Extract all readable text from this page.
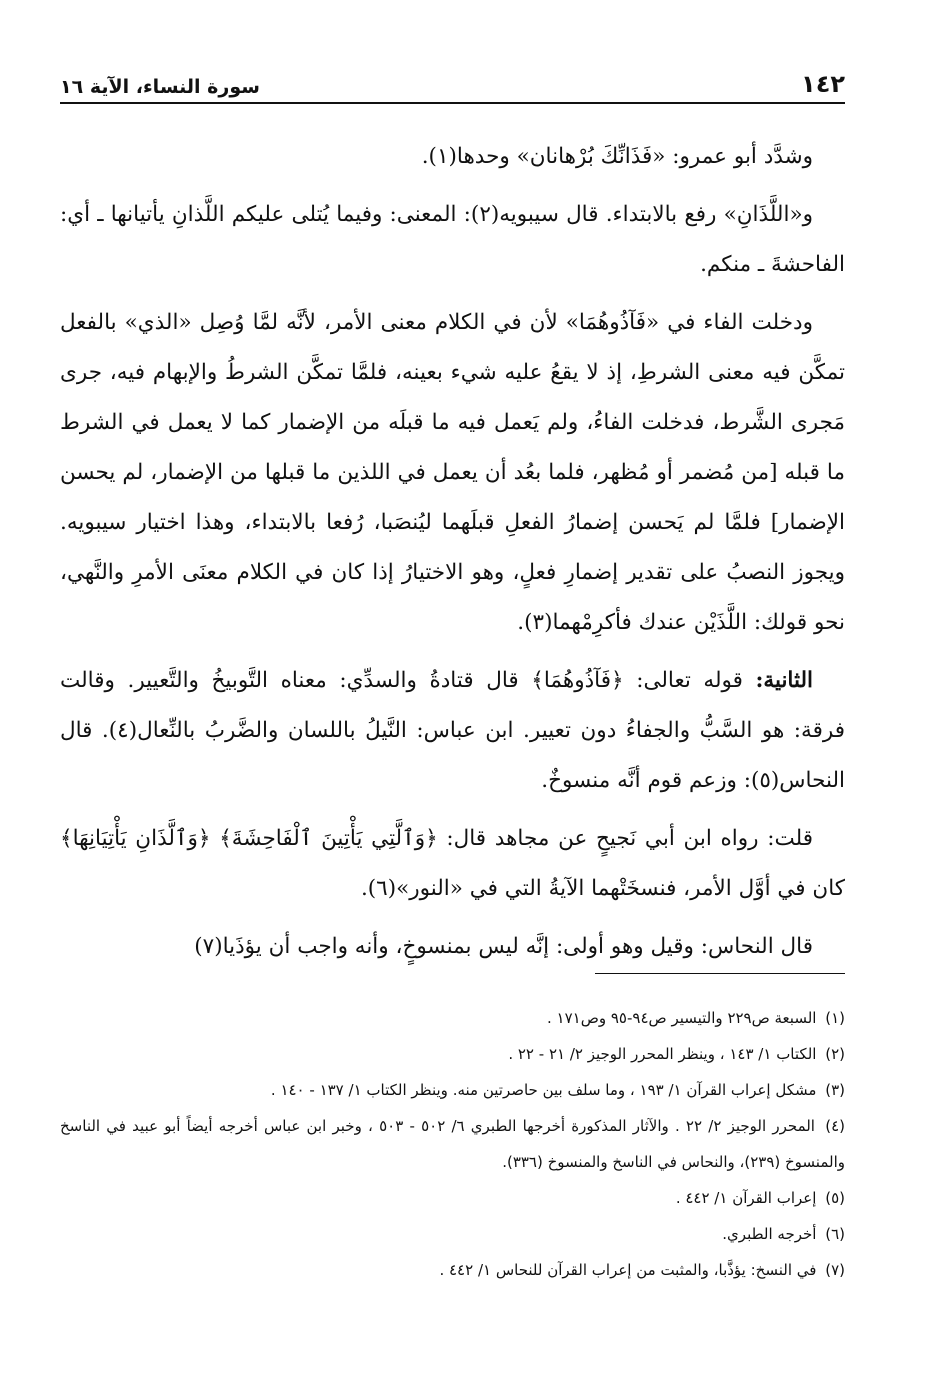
١٤٢
سورة النساء، الآية ١٦

وشدَّد أبو عمرو: «فَذَانِّكَ بُرْهانان» وحدها(١).

و«اللَّذَانِ» رفع بالابتداء. قال سيبويه(٢): المعنى: وفيما يُتلى عليكم اللَّذانِ يأتيانها ـ أي: الفاحشةَ ـ منكم.

ودخلت الفاء في «فَآذُوهُمَا» لأن في الكلام معنى الأمر، لأنَّه لمَّا وُصِل «الذي» بالفعل تمكَّن فيه معنى الشرطِ، إذ لا يقعُ عليه شيء بعينه، فلمَّا تمكَّن الشرطُ والإبهام فيه، جرى مَجرى الشَّرط، فدخلت الفاءُ، ولم يَعمل فيه ما قبلَه من الإضمار كما لا يعمل في الشرط ما قبله [من مُضمر أو مُظهر، فلما بعُد أن يعمل في اللذين ما قبلها من الإضمار، لم يحسن الإضمار] فلمَّا لم يَحسن إضمارُ الفعلِ قبلَهما ليُنصَبا، رُفعا بالابتداء، وهذا اختيار سيبويه. ويجوز النصبُ على تقدير إضمارِ فعلٍ، وهو الاختيارُ إذا كان في الكلام معنَى الأمرِ والنَّهي، نحو قولك: اللَّذَيْن عندك فأكرِمْهما(٣).

الثانية: قوله تعالى: ﴿فَآذُوهُمَا﴾ قال قتادةُ والسدِّي: معناه التَّوبيخُ والتَّعيير. وقالت فرقة: هو السَّبُّ والجفاءُ دون تعيير. ابن عباس: النَّيلُ باللسان والضَّربُ بالنِّعال(٤). قال النحاس(٥): وزعم قوم أنَّه منسوخٌ.

قلت: رواه ابن أبي نَجيحٍ عن مجاهد قال: ﴿وَٱلَّتِي يَأْتِينَ ٱلْفَاحِشَةَ﴾ ﴿وَٱلَّذَانِ يَأْتِيَانِهَا﴾ كان في أوَّل الأمر، فنسخَتْهما الآيةُ التي في «النور»(٦).

قال النحاس: وقيل وهو أولى: إنَّه ليس بمنسوخٍ، وأنه واجب أن يؤذَيا(٧)

(١) السبعة ص٢٢٩ والتيسير ص٩٤-٩٥ وص١٧١ .

(٢) الكتاب ١/ ١٤٣ ، وينظر المحرر الوجيز ٢/ ٢١ - ٢٢ .

(٣) مشكل إعراب القرآن ١/ ١٩٣ ، وما سلف بين حاصرتين منه. وينظر الكتاب ١/ ١٣٧ - ١٤٠ .

(٤) المحرر الوجيز ٢/ ٢٢ . والآثار المذكورة أخرجها الطبري ٦/ ٥٠٢ - ٥٠٣ ، وخبر ابن عباس أخرجه أيضاً أبو عبيد في الناسخ والمنسوخ (٢٣٩)، والنحاس في الناسخ والمنسوخ (٣٣٦).

(٥) إعراب القرآن ١/ ٤٤٢ .

(٦) أخرجه الطبري.

(٧) في النسخ: يؤذَّبا، والمثبت من إعراب القرآن للنحاس ١/ ٤٤٢ .
